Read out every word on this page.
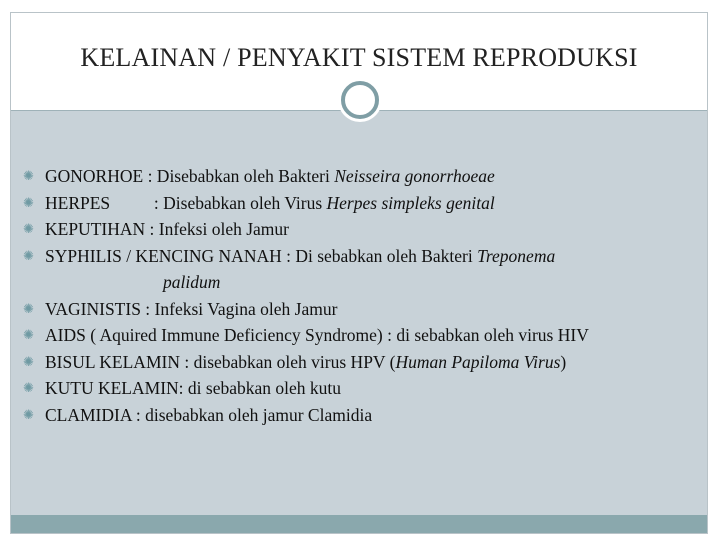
KELAINAN / PENYAKIT SISTEM REPRODUKSI
✺ GONORHOE : Disebabkan oleh Bakteri Neisseira gonorrhoeae
✺ HERPES          : Disebabkan oleh Virus Herpes simpleks genital
✺ KEPUTIHAN : Infeksi oleh Jamur
✺ SYPHILIS / KENCING NANAH : Di sebabkan oleh Bakteri Treponema
palidum
✺ VAGINISTIS : Infeksi Vagina oleh Jamur
✺ AIDS ( Aquired Immune Deficiency Syndrome) : di sebabkan oleh virus HIV
✺ BISUL KELAMIN : disebabkan oleh virus HPV (Human Papiloma Virus)
✺ KUTU KELAMIN: di sebabkan oleh kutu
✺ CLAMIDIA : disebabkan oleh jamur Clamidia
